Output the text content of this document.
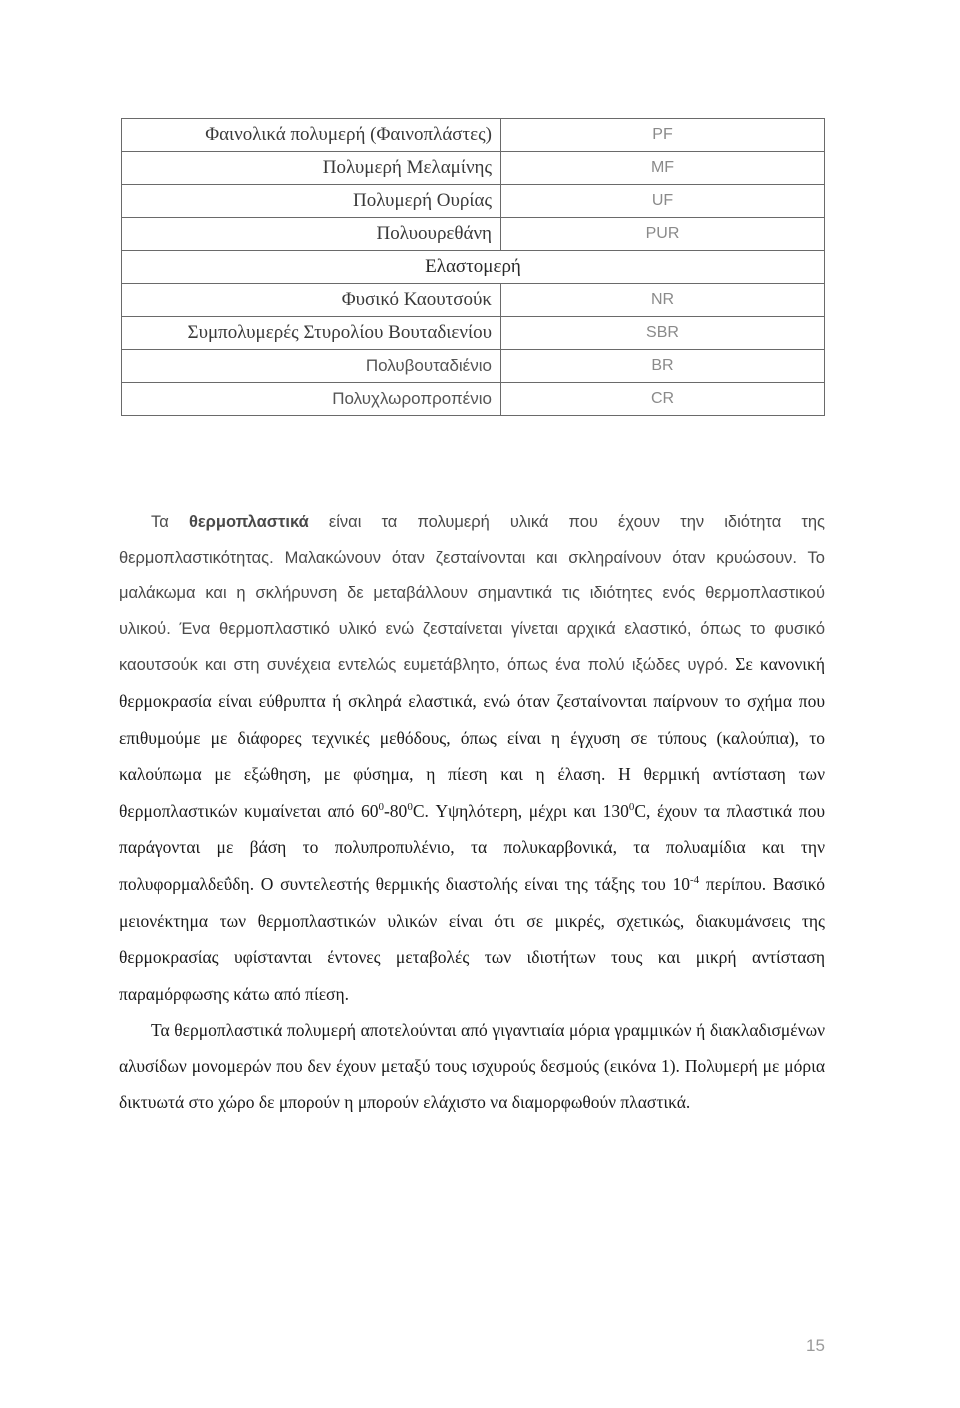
Φαινολικά πολυμερή (Φαινοπλάστες)	PF
Πολυμερή Μελαμίνης	MF
Πολυμερή Ουρίας	UF
Πολυουρεθάνη	PUR
Ελαστομερή	
Φυσικό Καουτσούκ	NR
Συμπολυμερές Στυρολίου Βουταδιενίου	SBR
Πολυβουταδιένιο	BR
Πολυχλωροπροπένιο	CR

Τα θερμοπλαστικά είναι τα πολυμερή υλικά που έχουν την ιδιότητα της θερμοπλαστικότητας. Μαλακώνουν όταν ζεσταίνονται και σκληραίνουν όταν κρυώσουν. Το μαλάκωμα και η σκλήρυνση δε μεταβάλλουν σημαντικά τις ιδιότητες ενός θερμοπλαστικού υλικού. Ένα θερμοπλαστικό υλικό ενώ ζεσταίνεται γίνεται αρχικά ελαστικό, όπως το φυσικό καουτσούκ και στη συνέχεια εντελώς ευμετάβλητο, όπως ένα πολύ ιξώδες υγρό. Σε κανονική θερμοκρασία είναι εύθρυπτα ή σκληρά ελαστικά, ενώ όταν ζεσταίνονται παίρνουν το σχήμα που επιθυμούμε με διάφορες τεχνικές μεθόδους, όπως είναι η έγχυση σε τύπους (καλούπια), το καλούπωμα με εξώθηση, με φύσημα, η πίεση και η έλαση. Η θερμική αντίσταση των θερμοπλαστικών κυμαίνεται από $60^0-80^0C$. Υψηλότερη, μέχρι και $130^0C$, έχουν τα πλαστικά που παράγονται με βάση το πολυπροπυλένιο, τα πολυκαρβονικά, τα πολυαμίδια και την πολυφορμαλδεΰδη. Ο συντελεστής θερμικής διαστολής είναι της τάξης του $10^{-4}$ περίπου. Βασικό μειονέκτημα των θερμοπλαστικών υλικών είναι ότι σε μικρές, σχετικώς, διακυμάνσεις της θερμοκρασίας υφίστανται έντονες μεταβολές των ιδιοτήτων τους και μικρή αντίσταση παραμόρφωσης κάτω από πίεση.

Τα θερμοπλαστικά πολυμερή αποτελούνται από γιγαντιαία μόρια γραμμικών ή διακλαδισμένων αλυσίδων μονομερών που δεν έχουν μεταξύ τους ισχυρούς δεσμούς (εικόνα 1). Πολυμερή με μόρια δικτυωτά στο χώρο δε μπορούν η μπορούν ελάχιστο να διαμορφωθούν πλαστικά.

15
